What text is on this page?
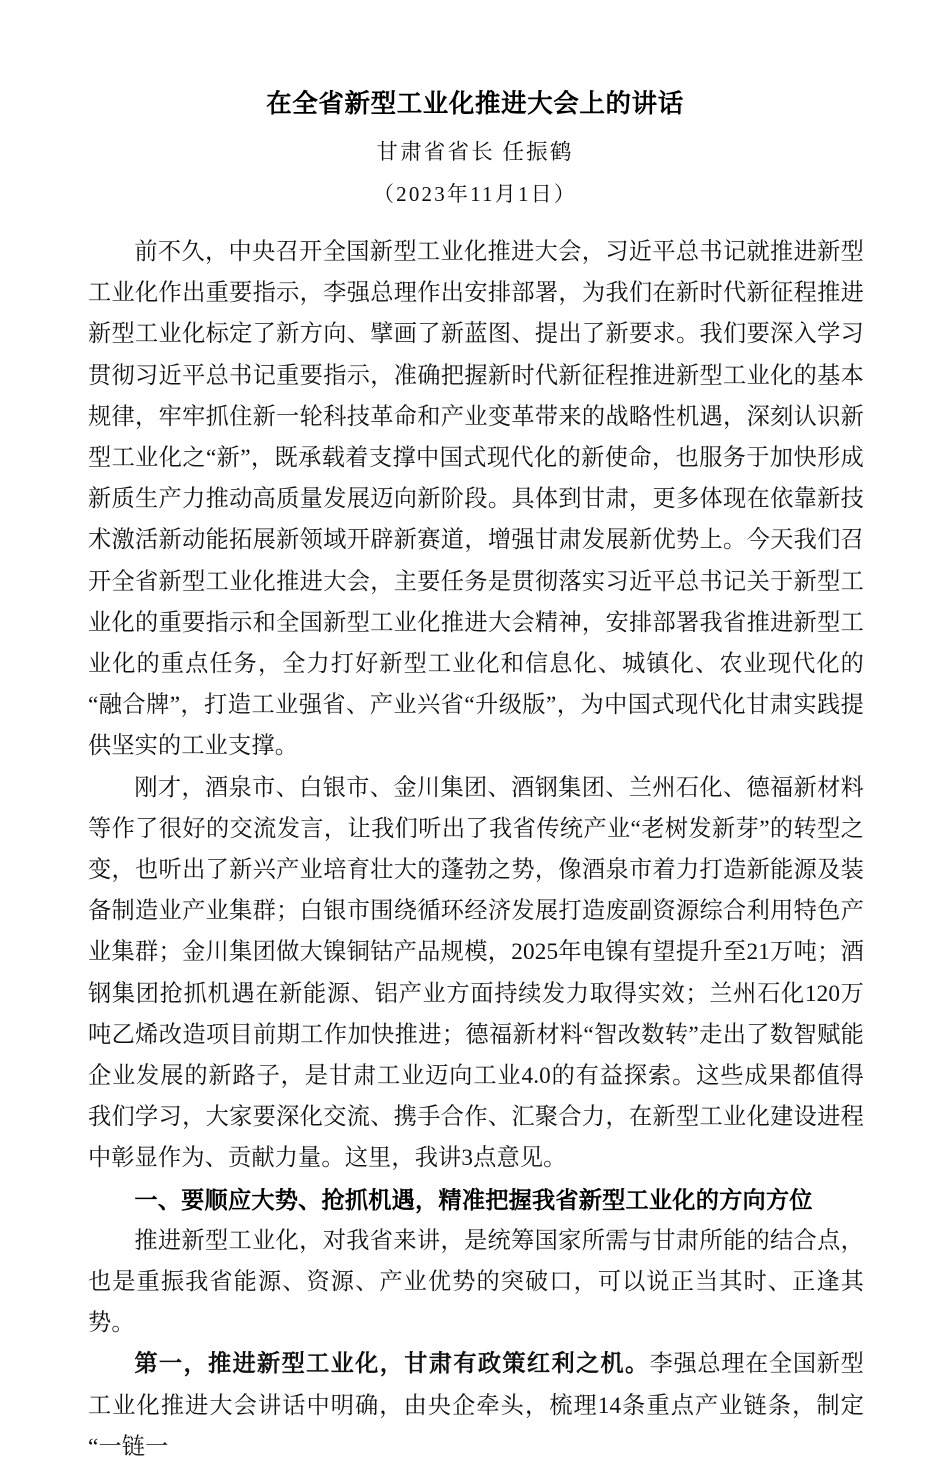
在全省新型工业化推进大会上的讲话
甘肃省省长 任振鹤
（2023年11月1日）

前不久，中央召开全国新型工业化推进大会，习近平总书记就推进新型工业化作出重要指示，李强总理作出安排部署，为我们在新时代新征程推进新型工业化标定了新方向、擘画了新蓝图、提出了新要求。我们要深入学习贯彻习近平总书记重要指示，准确把握新时代新征程推进新型工业化的基本规律，牢牢抓住新一轮科技革命和产业变革带来的战略性机遇，深刻认识新型工业化之“新”，既承载着支撑中国式现代化的新使命，也服务于加快形成新质生产力推动高质量发展迈向新阶段。具体到甘肃，更多体现在依靠新技术激活新动能拓展新领域开辟新赛道，增强甘肃发展新优势上。今天我们召开全省新型工业化推进大会，主要任务是贯彻落实习近平总书记关于新型工业化的重要指示和全国新型工业化推进大会精神，安排部署我省推进新型工业化的重点任务，全力打好新型工业化和信息化、城镇化、农业现代化的“融合牌”，打造工业强省、产业兴省“升级版”，为中国式现代化甘肃实践提供坚实的工业支撑。

刚才，酒泉市、白银市、金川集团、酒钢集团、兰州石化、德福新材料等作了很好的交流发言，让我们听出了我省传统产业“老树发新芽”的转型之变，也听出了新兴产业培育壮大的蓬勃之势，像酒泉市着力打造新能源及装备制造业产业集群；白银市围绕循环经济发展打造废副资源综合利用特色产业集群；金川集团做大镍铜钴产品规模，2025年电镍有望提升至21万吨；酒钢集团抢抓机遇在新能源、铝产业方面持续发力取得实效；兰州石化120万吨乙烯改造项目前期工作加快推进；德福新材料“智改数转”走出了数智赋能企业发展的新路子，是甘肃工业迈向工业4.0的有益探索。这些成果都值得我们学习，大家要深化交流、携手合作、汇聚合力，在新型工业化建设进程中彰显作为、贡献力量。这里，我讲3点意见。

一、要顺应大势、抢抓机遇，精准把握我省新型工业化的方向方位

推进新型工业化，对我省来讲，是统筹国家所需与甘肃所能的结合点，也是重振我省能源、资源、产业优势的突破口，可以说正当其时、正逢其势。

第一，推进新型工业化，甘肃有政策红利之机。李强总理在全国新型工业化推进大会讲话中明确，由央企牵头，梳理14条重点产业链条，制定“一链一
